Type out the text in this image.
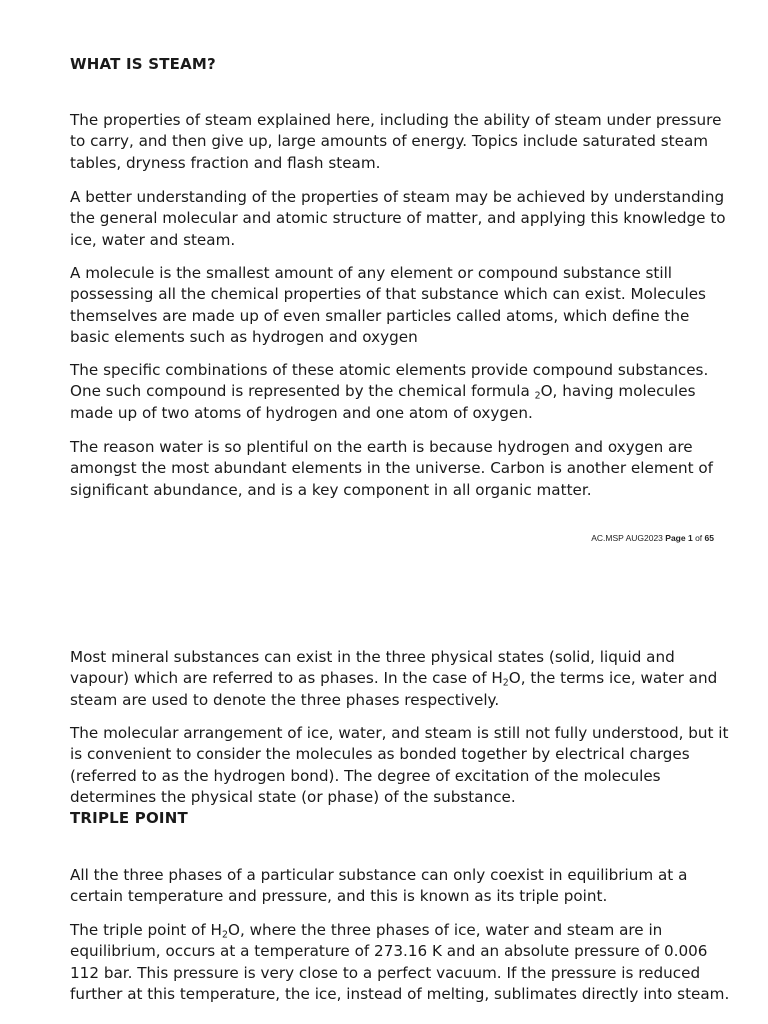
WHAT IS STEAM?

The properties of steam explained here, including the ability of steam under pressure to carry, and then give up, large amounts of energy. Topics include saturated steam tables, dryness fraction and flash steam.

A better understanding of the properties of steam may be achieved by understanding the general molecular and atomic structure of matter, and applying this knowledge to ice, water and steam.

A molecule is the smallest amount of any element or compound substance still possessing all the chemical properties of that substance which can exist. Molecules themselves are made up of even smaller particles called atoms, which define the basic elements such as hydrogen and oxygen

The specific combinations of these atomic elements provide compound substances. One such compound is represented by the chemical formula $_2$O, having molecules made up of two atoms of hydrogen and one atom of oxygen.

The reason water is so plentiful on the earth is because hydrogen and oxygen are amongst the most abundant elements in the universe. Carbon is another element of significant abundance, and is a key component in all organic matter.

AC.MSP AUG2023 Page 1 of 65

Most mineral substances can exist in the three physical states (solid, liquid and vapour) which are referred to as phases. In the case of $H_2O$, the terms ice, water and steam are used to denote the three phases respectively.

The molecular arrangement of ice, water, and steam is still not fully understood, but it is convenient to consider the molecules as bonded together by electrical charges (referred to as the hydrogen bond). The degree of excitation of the molecules determines the physical state (or phase) of the substance.

TRIPLE POINT

All the three phases of a particular substance can only coexist in equilibrium at a certain temperature and pressure, and this is known as its triple point.

The triple point of $H_2O$, where the three phases of ice, water and steam are in equilibrium, occurs at a temperature of 273.16 K and an absolute pressure of 0.006 112 bar. This pressure is very close to a perfect vacuum. If the pressure is reduced further at this temperature, the ice, instead of melting, sublimates directly into steam.
